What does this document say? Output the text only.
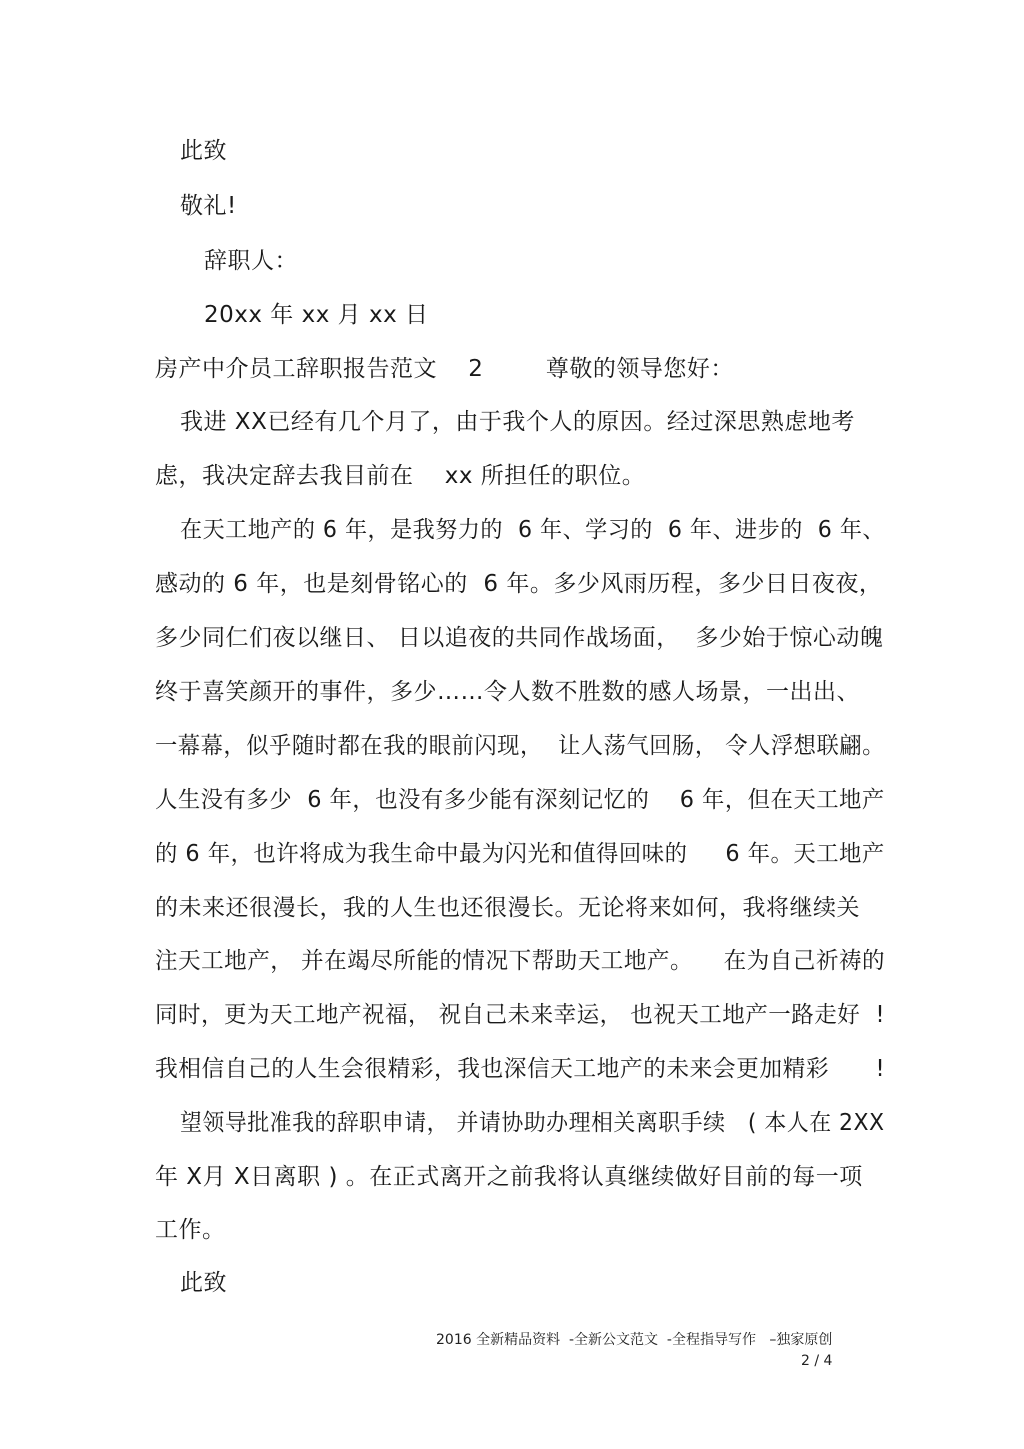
此致
敬礼!
辞职人：
20xx 年 xx 月 xx 日
房产中介员工辞职报告范文    2        尊敬的领导您好：
我进 XX已经有几个月了，由于我个人的原因。经过深思熟虑地考
虑，我决定辞去我目前在    xx 所担任的职位。
在天工地产的 6 年，是我努力的  6 年、学习的  6 年、进步的  6 年、
感动的 6 年，也是刻骨铭心的  6 年。多少风雨历程，多少日日夜夜，
多少同仁们夜以继日、 日以追夜的共同作战场面，  多少始于惊心动魄
终于喜笑颜开的事件，多少……令人数不胜数的感人场景，一出出、
一幕幕，似乎随时都在我的眼前闪现，  让人荡气回肠， 令人浮想联翩。
人生没有多少  6 年，也没有多少能有深刻记忆的    6 年，但在天工地产
的 6 年，也许将成为我生命中最为闪光和值得回味的     6 年。天工地产
的未来还很漫长，我的人生也还很漫长。无论将来如何，我将继续关
注天工地产， 并在竭尽所能的情况下帮助天工地产。    在为自己祈祷的
同时，更为天工地产祝福， 祝自己未来幸运， 也祝天工地产一路走好  !
我相信自己的人生会很精彩，我也深信天工地产的未来会更加精彩      !
望领导批准我的辞职申请， 并请协助办理相关离职手续   ( 本人在 2XX
年 X月 X日离职 ) 。在正式离开之前我将认真继续做好目前的每一项
工作。
此致
2016 全新精品资料  -全新公文范文  -全程指导写作   –独家原创
2 / 4
